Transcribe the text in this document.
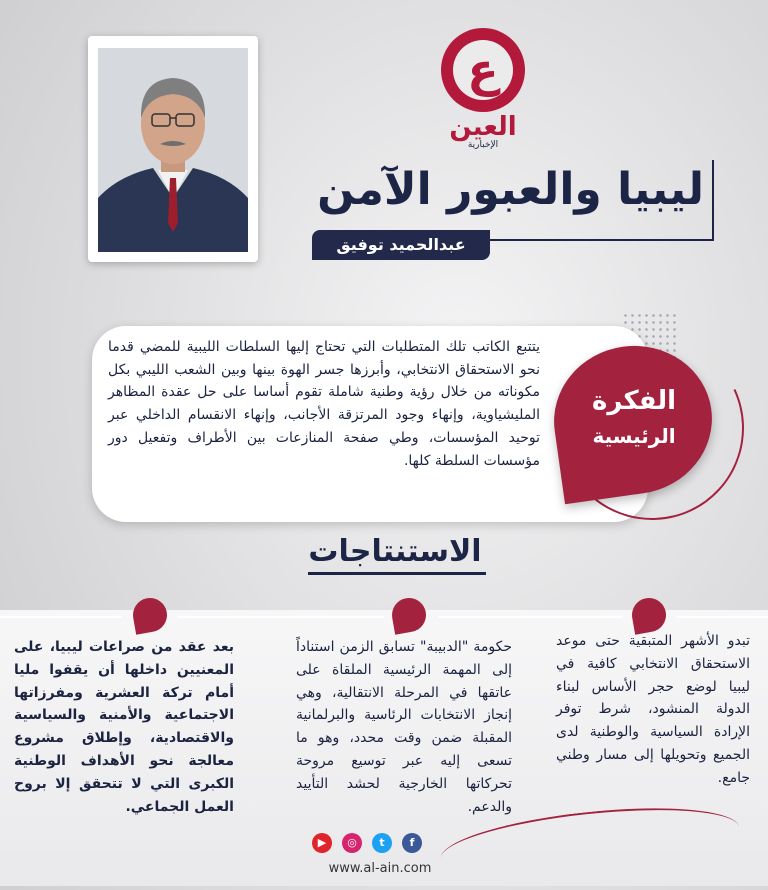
ع
العين
الإخبارية
ليبيا والعبور الآمن
عبدالحميد توفيق
يتتبع الكاتب تلك المتطلبات التي تحتاج إليها السلطات الليبية للمضي قدما نحو الاستحقاق الانتخابي، وأبرزها جسر الهوة بينها وبين الشعب الليبي بكل مكوناته من خلال رؤية وطنية شاملة تقوم أساسا على حل عقدة المظاهر المليشياوية، وإنهاء وجود المرتزقة الأجانب، وإنهاء الانقسام الداخلي عبر توحيد المؤسسات، وطي صفحة المنازعات بين الأطراف وتفعيل دور مؤسسات السلطة كلها.
الفكرة
الرئيسية
الاستنتاجات
تبدو الأشهر المتبقية حتى موعد الاستحقاق الانتخابي كافية في ليبيا لوضع حجر الأساس لبناء الدولة المنشود، شرط توفر الإرادة السياسية والوطنية لدى الجميع وتحويلها إلى مسار وطني جامع.
حكومة "الدبيبة" تسابق الزمن استناداً إلى المهمة الرئيسية الملقاة على عاتقها في المرحلة الانتقالية، وهي إنجاز الانتخابات الرئاسية والبرلمانية المقبلة ضمن وقت محدد، وهو ما تسعى إليه عبر توسيع مروحة تحركاتها الخارجية لحشد التأييد والدعم.
بعد عقد من صراعات ليبيا، على المعنيين داخلها أن يقفوا مليا أمام تركة العشرية ومفرزاتها الاجتماعية والأمنية والسياسية والاقتصادية، وإطلاق مشروع معالجة نحو الأهداف الوطنية الكبرى التي لا تتحقق إلا بروح العمل الجماعي.
▶	◎	t	f
www.al-ain.com
